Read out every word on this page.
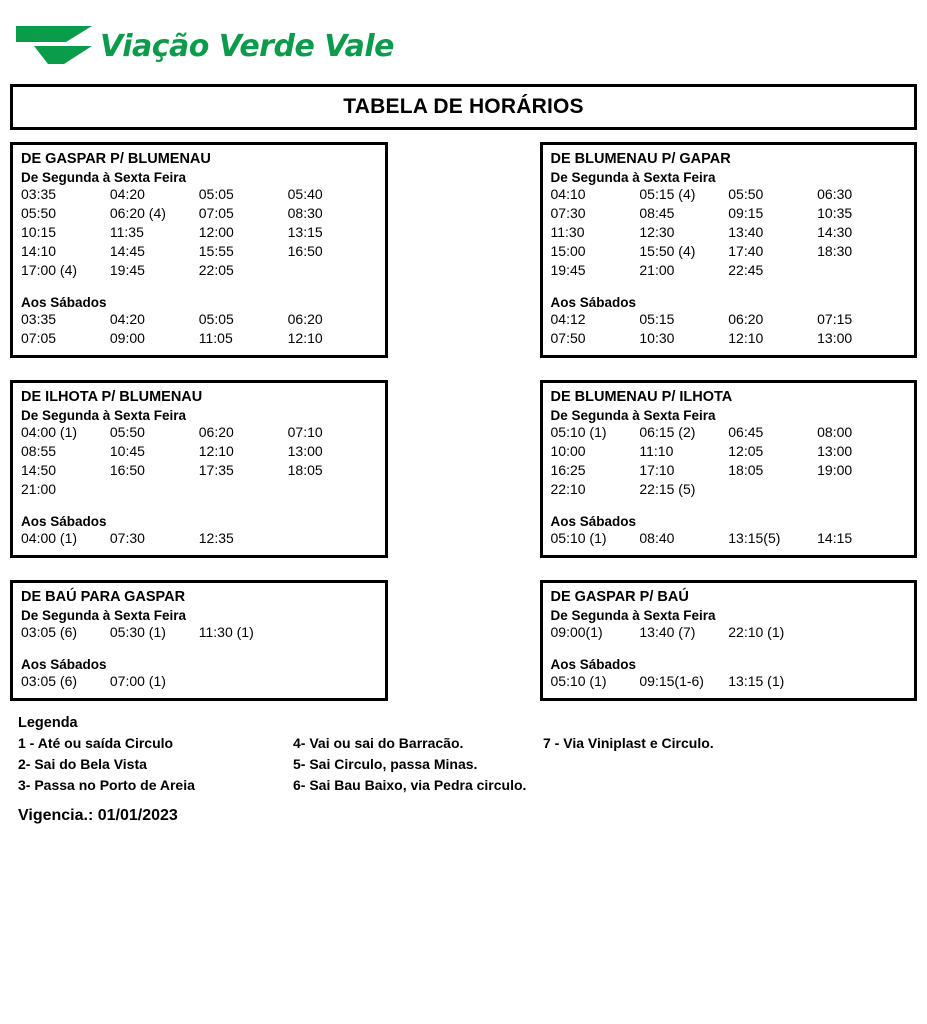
Viação Verde Vale
TABELA DE HORÁRIOS
DE GASPAR P/ BLUMENAU
De Segunda à Sexta Feira
03:35	04:20	05:05	05:40
05:50	06:20 (4)	07:05	08:30
10:15	11:35	12:00	13:15
14:10	14:45	15:55	16:50
17:00 (4)	19:45	22:05
Aos Sábados
03:35	04:20	05:05	06:20
07:05	09:00	11:05	12:10
DE BLUMENAU P/ GAPAR
De Segunda à Sexta Feira
04:10	05:15 (4)	05:50	06:30
07:30	08:45	09:15	10:35
11:30	12:30	13:40	14:30
15:00	15:50 (4)	17:40	18:30
19:45	21:00	22:45
Aos Sábados
04:12	05:15	06:20	07:15
07:50	10:30	12:10	13:00
DE ILHOTA P/ BLUMENAU
De Segunda à Sexta Feira
04:00 (1)	05:50	06:20	07:10
08:55	10:45	12:10	13:00
14:50	16:50	17:35	18:05
21:00
Aos Sábados
04:00 (1)	07:30	12:35
DE BLUMENAU P/ ILHOTA
De Segunda à Sexta Feira
05:10 (1)	06:15 (2)	06:45	08:00
10:00	11:10	12:05	13:00
16:25	17:10	18:05	19:00
22:10	22:15 (5)
Aos Sábados
05:10 (1)	08:40	13:15(5)	14:15
DE BAÚ PARA GASPAR
De Segunda à Sexta Feira
03:05 (6)	05:30 (1)	11:30 (1)
Aos Sábados
03:05 (6)	07:00 (1)
DE GASPAR P/ BAÚ
De Segunda à Sexta Feira
09:00(1)	13:40 (7)	22:10 (1)
Aos Sábados
05:10 (1)	09:15(1-6)	13:15 (1)
Legenda
1 - Até ou saída Circulo	4- Vai ou sai do Barracão.	7 - Via Viniplast e Circulo.
2- Sai do Bela Vista	5- Sai Circulo, passa Minas.
3- Passa no Porto de Areia	6- Sai Bau Baixo, via Pedra circulo.
Vigencia.: 01/01/2023
